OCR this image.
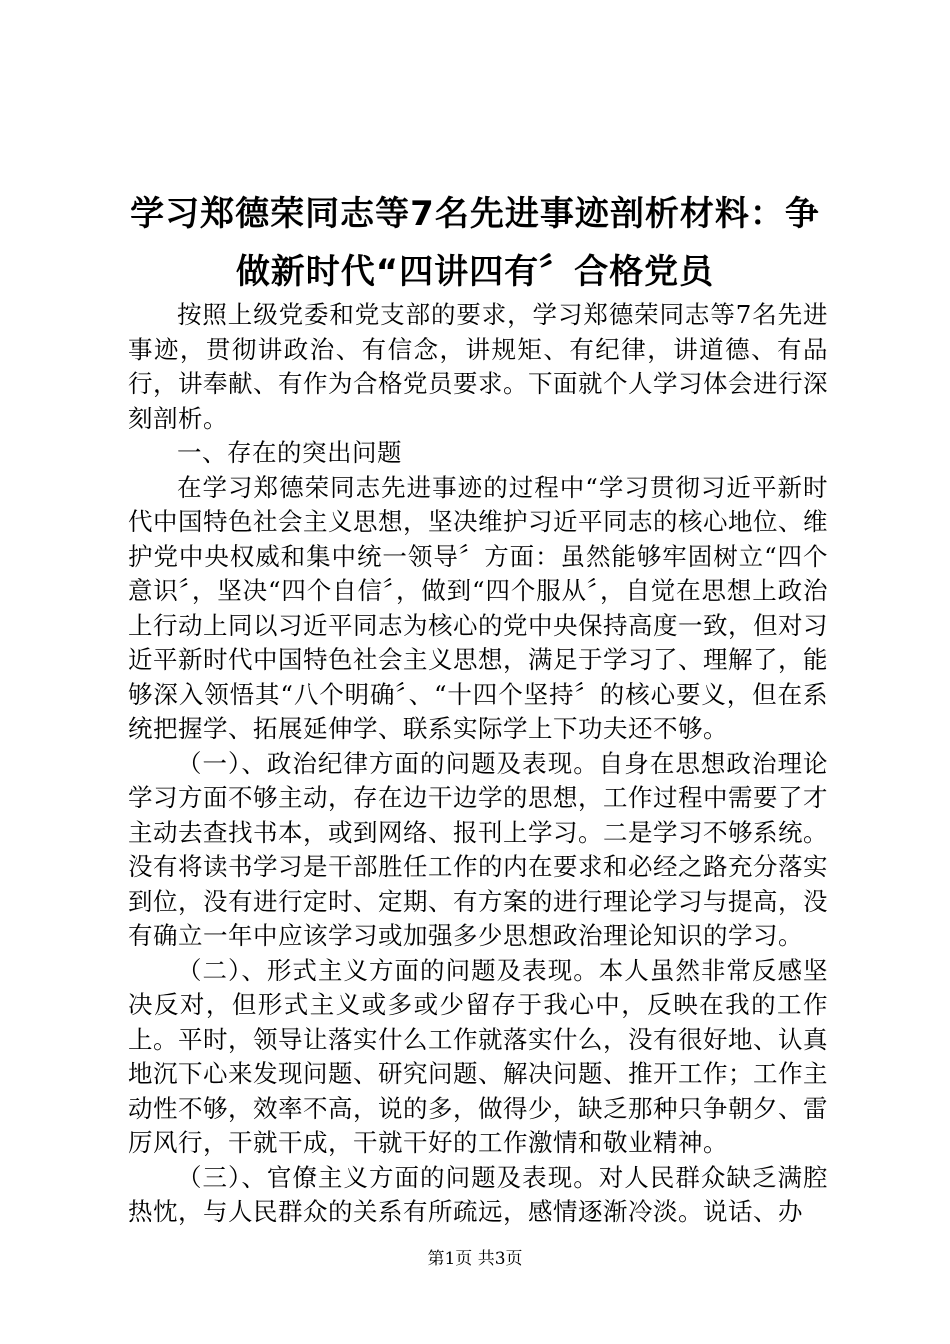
学习郑德荣同志等7名先进事迹剖析材料：争
做新时代“四讲四有〞合格党员

按照上级党委和党支部的要求，学习郑德荣同志等7名先进事迹，贯彻讲政治、有信念，讲规矩、有纪律，讲道德、有品行，讲奉献、有作为合格党员要求。下面就个人学习体会进行深刻剖析。

一、存在的突出问题

在学习郑德荣同志先进事迹的过程中“学习贯彻习近平新时代中国特色社会主义思想，坚决维护习近平同志的核心地位、维护党中央权威和集中统一领导〞方面：虽然能够牢固树立“四个意识〞，坚决“四个自信〞，做到“四个服从〞，自觉在思想上政治上行动上同以习近平同志为核心的党中央保持高度一致，但对习近平新时代中国特色社会主义思想，满足于学习了、理解了，能够深入领悟其“八个明确〞、“十四个坚持〞的核心要义，但在系统把握学、拓展延伸学、联系实际学上下功夫还不够。

（一）、政治纪律方面的问题及表现。自身在思想政治理论学习方面不够主动，存在边干边学的思想，工作过程中需要了才主动去查找书本，或到网络、报刊上学习。二是学习不够系统。没有将读书学习是干部胜任工作的内在要求和必经之路充分落实到位，没有进行定时、定期、有方案的进行理论学习与提高，没有确立一年中应该学习或加强多少思想政治理论知识的学习。

（二）、形式主义方面的问题及表现。本人虽然非常反感坚决反对，但形式主义或多或少留存于我心中，反映在我的工作上。平时，领导让落实什么工作就落实什么，没有很好地、认真地沉下心来发现问题、研究问题、解决问题、推开工作；工作主动性不够，效率不高，说的多，做得少，缺乏那种只争朝夕、雷厉风行，干就干成，干就干好的工作激情和敬业精神。

（三）、官僚主义方面的问题及表现。对人民群众缺乏满腔热忱，与人民群众的关系有所疏远，感情逐渐冷淡。说话、办

第1页 共3页
